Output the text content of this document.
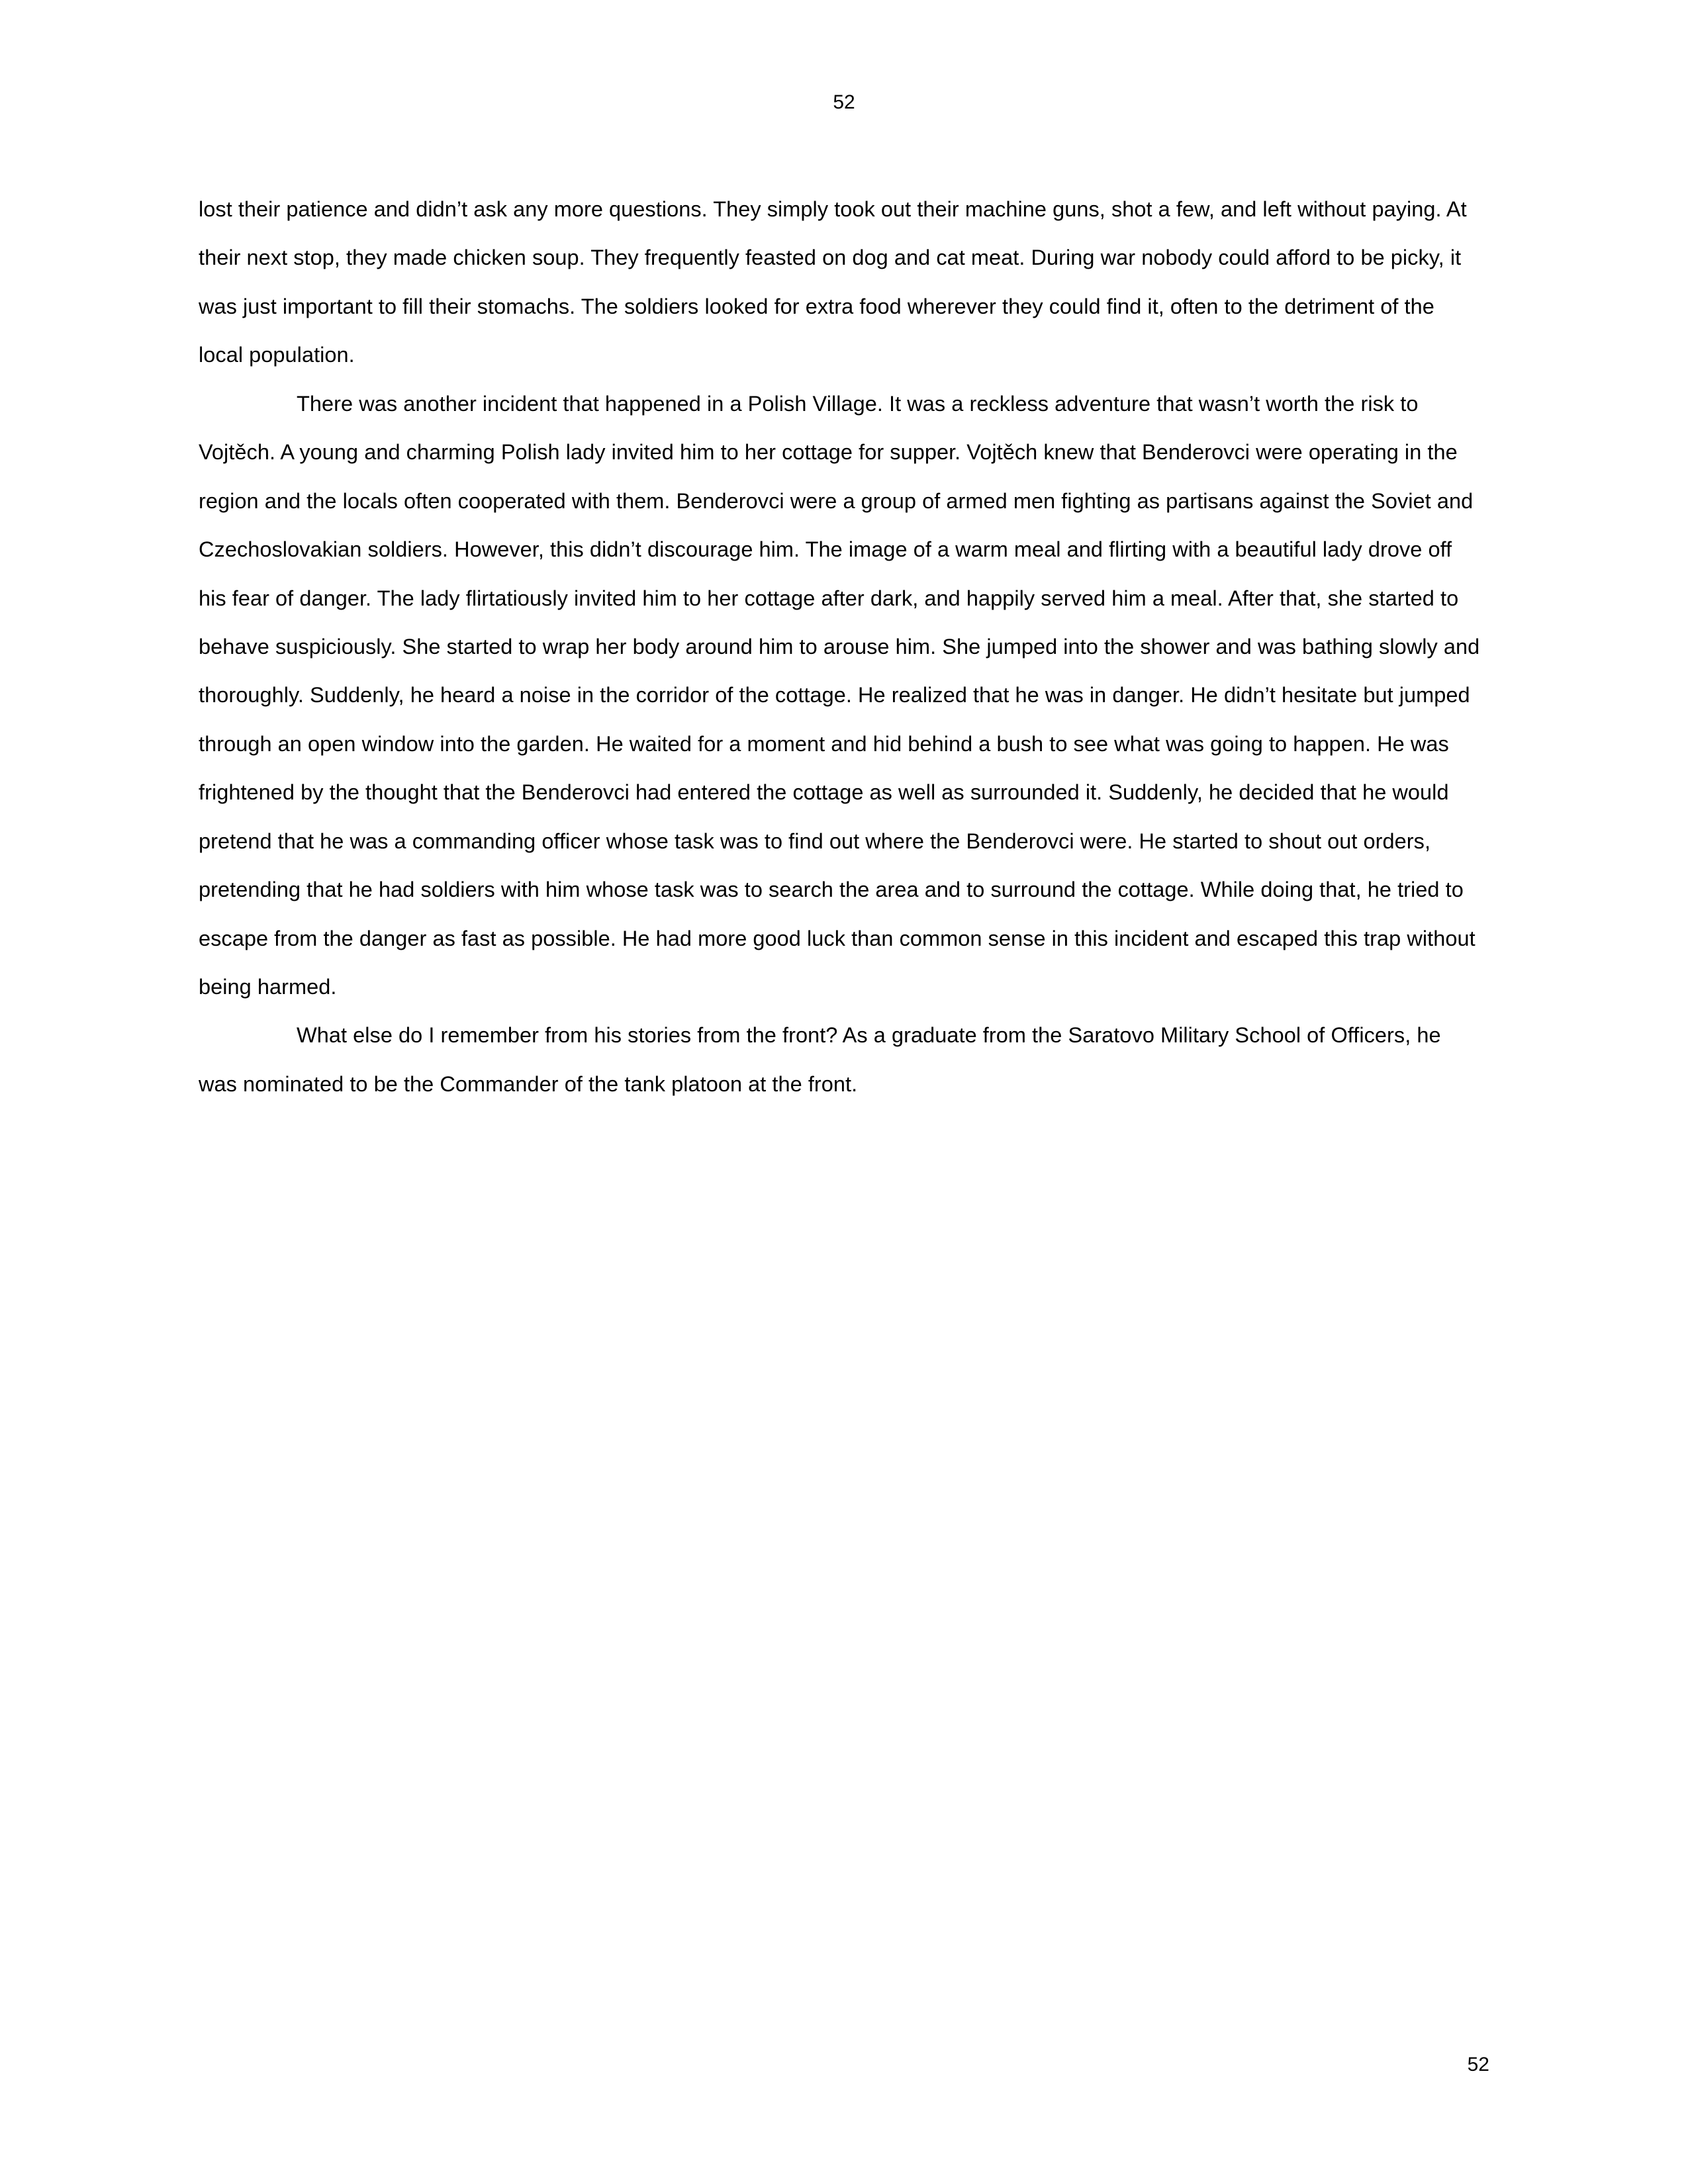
52

lost their patience and didn’t ask any more questions. They simply took out their machine guns, shot a few, and left without paying. At their next stop, they made chicken soup. They frequently feasted on dog and cat meat. During war nobody could afford to be picky, it was just important to fill their stomachs. The soldiers looked for extra food wherever they could find it, often to the detriment of the local population.

There was another incident that happened in a Polish Village. It was a reckless adventure that wasn’t worth the risk to Vojtěch. A young and charming Polish lady invited him to her cottage for supper. Vojtěch knew that Benderovci were operating in the region and the locals often cooperated with them. Benderovci were a group of armed men fighting as partisans against the Soviet and Czechoslovakian soldiers. However, this didn’t discourage him. The image of a warm meal and flirting with a beautiful lady drove off his fear of danger. The lady flirtatiously invited him to her cottage after dark, and happily served him a meal. After that, she started to behave suspiciously. She started to wrap her body around him to arouse him. She jumped into the shower and was bathing slowly and thoroughly. Suddenly, he heard a noise in the corridor of the cottage. He realized that he was in danger. He didn’t hesitate but jumped through an open window into the garden. He waited for a moment and hid behind a bush to see what was going to happen. He was frightened by the thought that the Benderovci had entered the cottage as well as surrounded it. Suddenly, he decided that he would pretend that he was a commanding officer whose task was to find out where the Benderovci were. He started to shout out orders, pretending that he had soldiers with him whose task was to search the area and to surround the cottage. While doing that, he tried to escape from the danger as fast as possible. He had more good luck than common sense in this incident and escaped this trap without being harmed.

What else do I remember from his stories from the front? As a graduate from the Saratovo Military School of Officers, he was nominated to be the Commander of the tank platoon at the front.

52
